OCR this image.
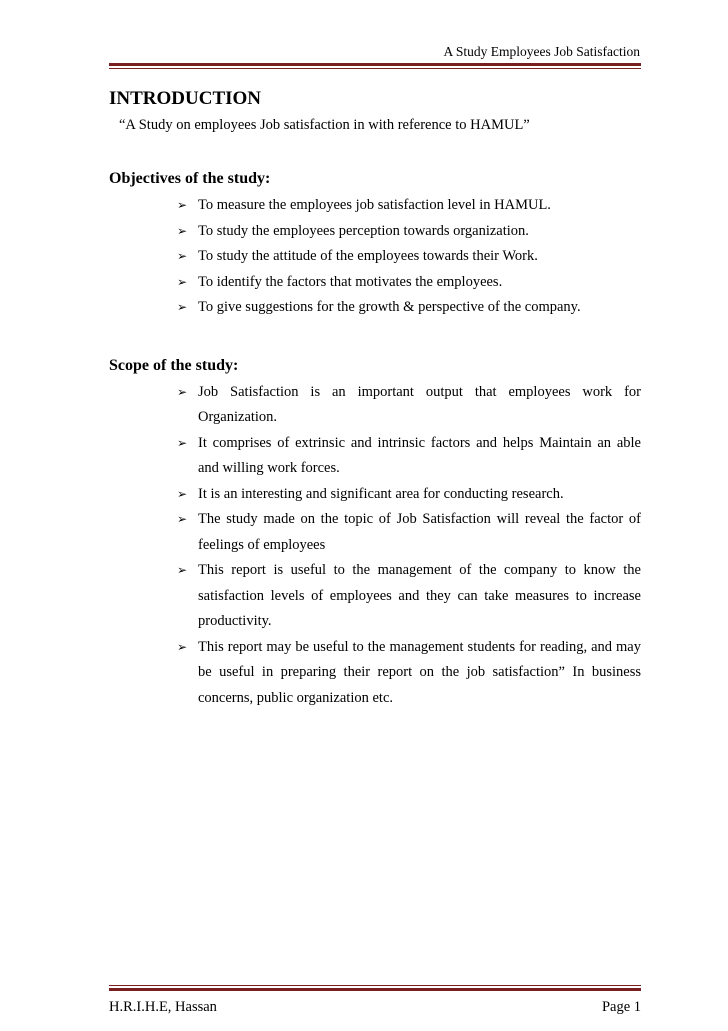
A Study Employees Job Satisfaction
INTRODUCTION

“A Study on employees Job satisfaction in with reference to HAMUL”

Objectives of the study:
➢ To measure the employees job satisfaction level in HAMUL.
➢ To study the employees perception towards organization.
➢ To study the attitude of the employees towards their Work.
➢ To identify the factors that motivates the employees.
➢ To give suggestions for the growth & perspective of the company.
Scope of the study:
➢ Job Satisfaction is an important output that employees work for Organization.
➢ It comprises of extrinsic and intrinsic factors and helps Maintain an able and willing work forces.
➢ It is an interesting and significant area for conducting research.
➢ The study made on the topic of Job Satisfaction will reveal the factor of feelings of employees
➢ This report is useful to the management of the company to know the satisfaction levels of employees and they can take measures to increase productivity.
➢ This report may be useful to the management students for reading, and may be useful in preparing their report on the job satisfaction” In business concerns, public organization etc.
H.R.I.H.E, Hassan	Page 1
